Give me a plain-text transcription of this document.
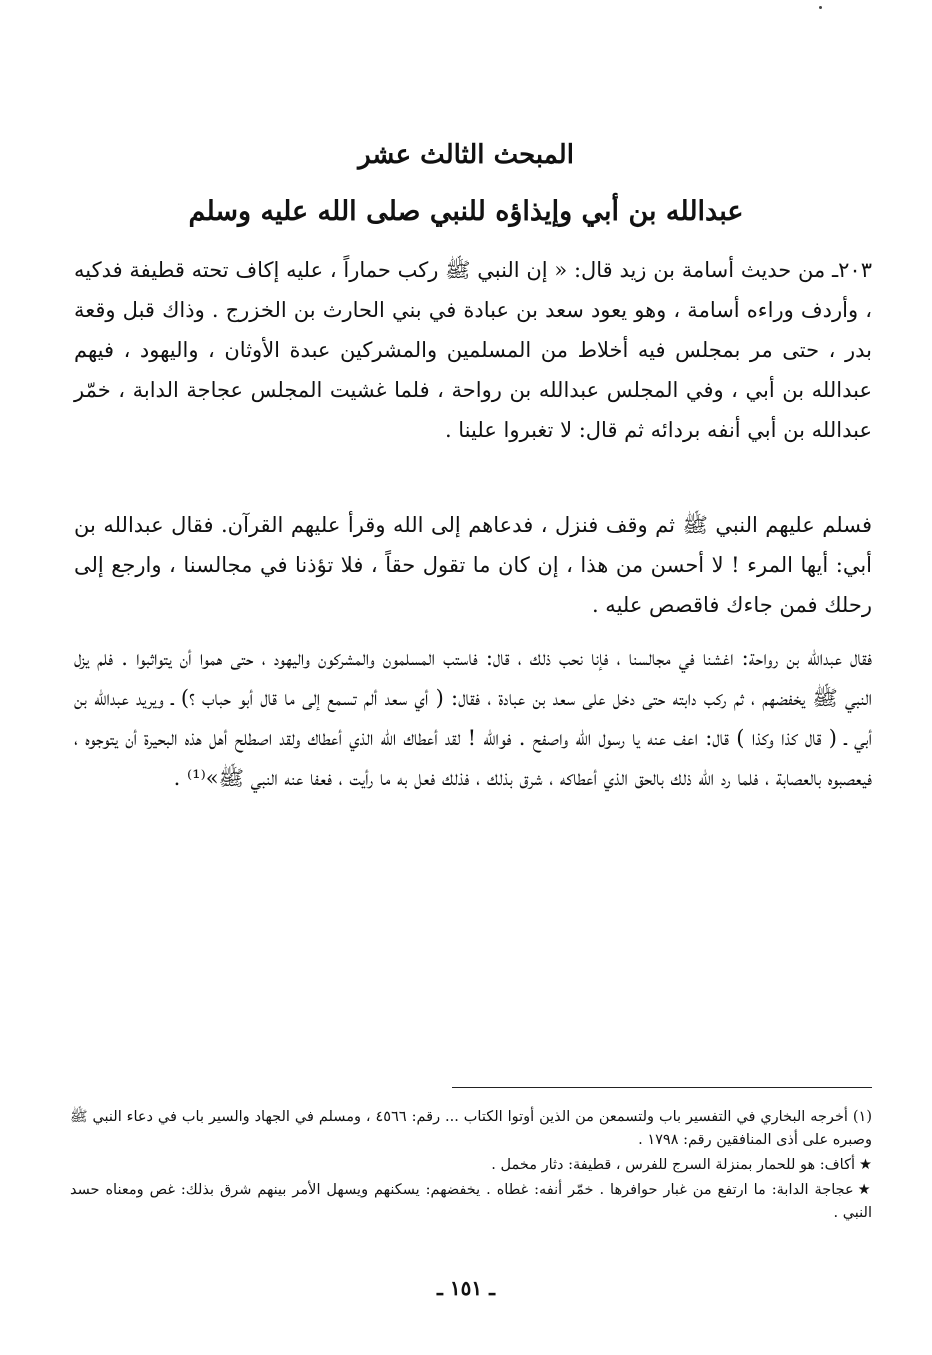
المبحث الثالث عشر
عبدالله بن أبي وإيذاؤه للنبي صلى الله عليه وسلم

٢٠٣ـ من حديث أسامة بن زيد قال: « إن النبي ﷺ ركب حماراً ، عليه إكاف تحته قطيفة فدكيه ، وأردف وراءه أسامة ، وهو يعود سعد بن عبادة في بني الحارث بن الخزرج . وذاك قبل وقعة بدر ، حتى مر بمجلس فيه أخلاط من المسلمين والمشركين عبدة الأوثان ، واليهود ، فيهم عبدالله بن أبي ، وفي المجلس عبدالله بن رواحة ، فلما غشيت المجلس عجاجة الدابة ، خمّر عبدالله بن أبي أنفه بردائه ثم قال: لا تغبروا علينا .

فسلم عليهم النبي ﷺ ثم وقف فنزل ، فدعاهم إلى الله وقرأ عليهم القرآن. فقال عبدالله بن أبي: أيها المرء ! لا أحسن من هذا ، إن كان ما تقول حقاً ، فلا تؤذنا في مجالسنا ، وارجع إلى رحلك فمن جاءك فاقصص عليه .

فقال عبدالله بن رواحة: اغشنا في مجالسنا ، فإنا نحب ذلك ، قال: فاستب المسلمون والمشركون واليهود ، حتى هموا أن يتواثبوا . فلم يزل النبي ﷺ يخفضهم ، ثم ركب دابته حتى دخل على سعد بن عبادة ، فقال: ( أي سعد ألم تسمع إلى ما قال أبو حباب ؟) ـ ويريد عبدالله بن أبي ـ ( قال كذا وكذا ) قال: اعف عنه يا رسول الله واصفح . فوالله ! لقد أعطاك الله الذي أعطاك ولقد اصطلح أهل هذه البحيرة أن يتوجوه ، فيعصبوه بالعصابة ، فلما رد الله ذلك بالحق الذي أعطاكه ، شرق بذلك ، فذلك فعل به ما رأيت ، فعفا عنه النبي ﷺ»⁽¹⁾ .

(١) أخرجه البخاري في التفسير باب ولتسمعن من الذين أوتوا الكتاب ... رقم: ٤٥٦٦ ، ومسلم في الجهاد والسير باب في دعاء النبي ﷺ وصبره على أذى المنافقين رقم: ١٧٩٨ .
★أكاف: هو للحمار بمنزلة السرج للفرس ، قطيفة: دثار مخمل .
★عجاجة الدابة: ما ارتفع من غبار حوافرها . خمّر أنفه: غطاه . يخفضهم: يسكنهم ويسهل الأمر بينهم شرق بذلك: غص ومعناه حسد النبي .
ـ ١٥١ ـ
